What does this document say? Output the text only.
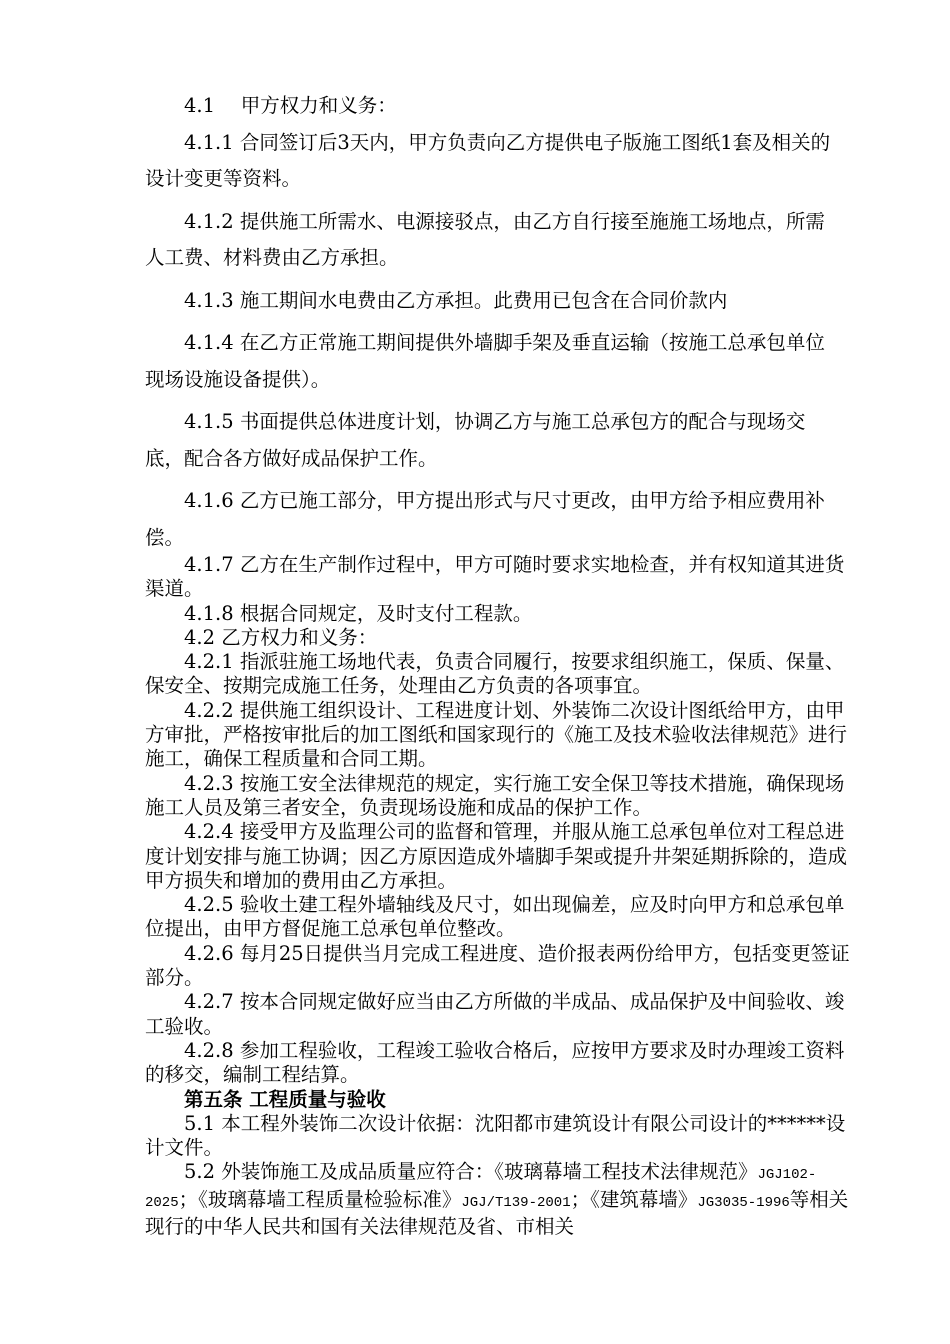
4.1　 甲方权力和义务：

4.1.1 合同签订后3天内，甲方负责向乙方提供电子版施工图纸1套及相关的设计变更等资料。

4.1.2 提供施工所需水、电源接驳点，由乙方自行接至施施工场地点，所需人工费、材料费由乙方承担。

4.1.3 施工期间水电费由乙方承担。此费用已包含在合同价款内

4.1.4 在乙方正常施工期间提供外墙脚手架及垂直运输（按施工总承包单位现场设施设备提供）。

4.1.5 书面提供总体进度计划，协调乙方与施工总承包方的配合与现场交底，配合各方做好成品保护工作。

4.1.6 乙方已施工部分，甲方提出形式与尺寸更改，由甲方给予相应费用补偿。

4.1.7 乙方在生产制作过程中，甲方可随时要求实地检查，并有权知道其进货渠道。

4.1.8 根据合同规定，及时支付工程款。

4.2 乙方权力和义务：

4.2.1 指派驻施工场地代表，负责合同履行，按要求组织施工，保质、保量、保安全、按期完成施工任务，处理由乙方负责的各项事宜。

4.2.2 提供施工组织设计、工程进度计划、外装饰二次设计图纸给甲方，由甲方审批，严格按审批后的加工图纸和国家现行的《施工及技术验收法律规范》进行施工，确保工程质量和合同工期。

4.2.3 按施工安全法律规范的规定，实行施工安全保卫等技术措施，确保现场施工人员及第三者安全，负责现场设施和成品的保护工作。

4.2.4 接受甲方及监理公司的监督和管理，并服从施工总承包单位对工程总进度计划安排与施工协调；因乙方原因造成外墙脚手架或提升井架延期拆除的，造成甲方损失和增加的费用由乙方承担。

4.2.5 验收土建工程外墙轴线及尺寸，如出现偏差，应及时向甲方和总承包单位提出，由甲方督促施工总承包单位整改。

4.2.6 每月25日提供当月完成工程进度、造价报表两份给甲方，包括变更签证部分。

4.2.7 按本合同规定做好应当由乙方所做的半成品、成品保护及中间验收、竣工验收。

4.2.8 参加工程验收，工程竣工验收合格后，应按甲方要求及时办理竣工资料的移交，编制工程结算。

第五条 工程质量与验收

5.1 本工程外装饰二次设计依据：沈阳都市建筑设计有限公司设计的******设计文件。

5.2 外装饰施工及成品质量应符合：《玻璃幕墙工程技术法律规范》JGJ102-2025；《玻璃幕墙工程质量检验标准》JGJ/T139-2001；《建筑幕墙》JG3035-1996等相关现行的中华人民共和国有关法律规范及省、市相关
